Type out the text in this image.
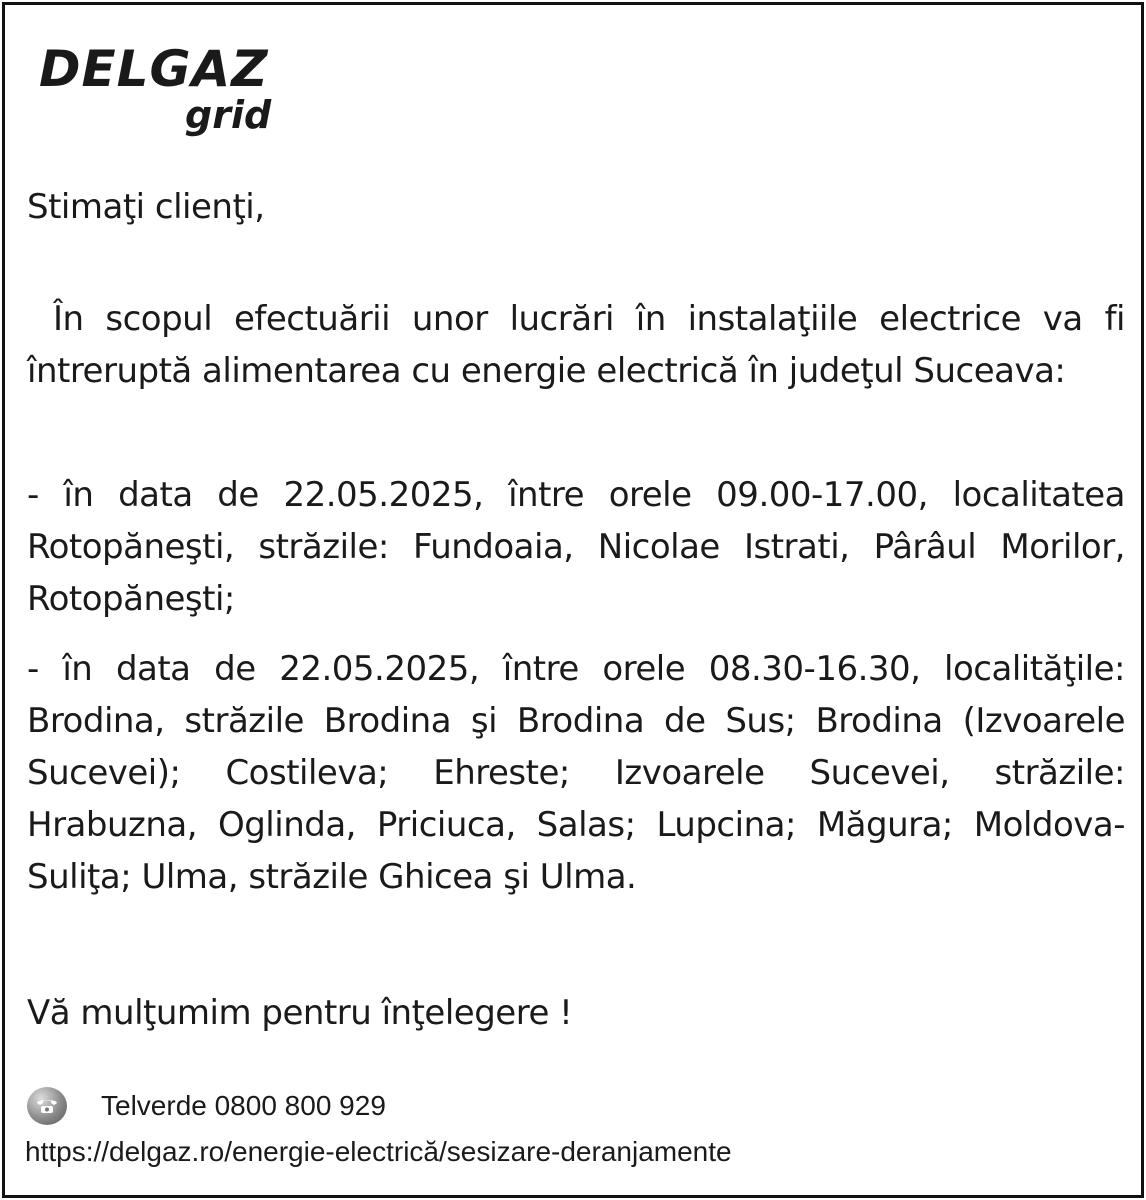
DELGAZ
grid
Stimaţi clienţi,
În scopul efectuării unor lucrări în instalaţiile electrice va fi întreruptă alimentarea cu energie electrică în judeţul Suceava:
- în data de 22.05.2025, între orele 09.00-17.00, localitatea Rotopăneşti, străzile: Fundoaia, Nicolae Istrati, Pârâul Morilor, Rotopăneşti;
- în data de 22.05.2025, între orele 08.30-16.30, localităţile: Brodina, străzile Brodina şi Brodina de Sus; Brodina (Izvoarele Sucevei); Costileva; Ehreste; Izvoarele Sucevei, străzile: Hrabuzna, Oglinda, Priciuca, Salas; Lupcina; Măgura; Moldova-Suliţa; Ulma, străzile Ghicea şi Ulma.
Vă mulţumim pentru înţelegere !
Telverde 0800 800 929
https://delgaz.ro/energie-electrică/sesizare-deranjamente
